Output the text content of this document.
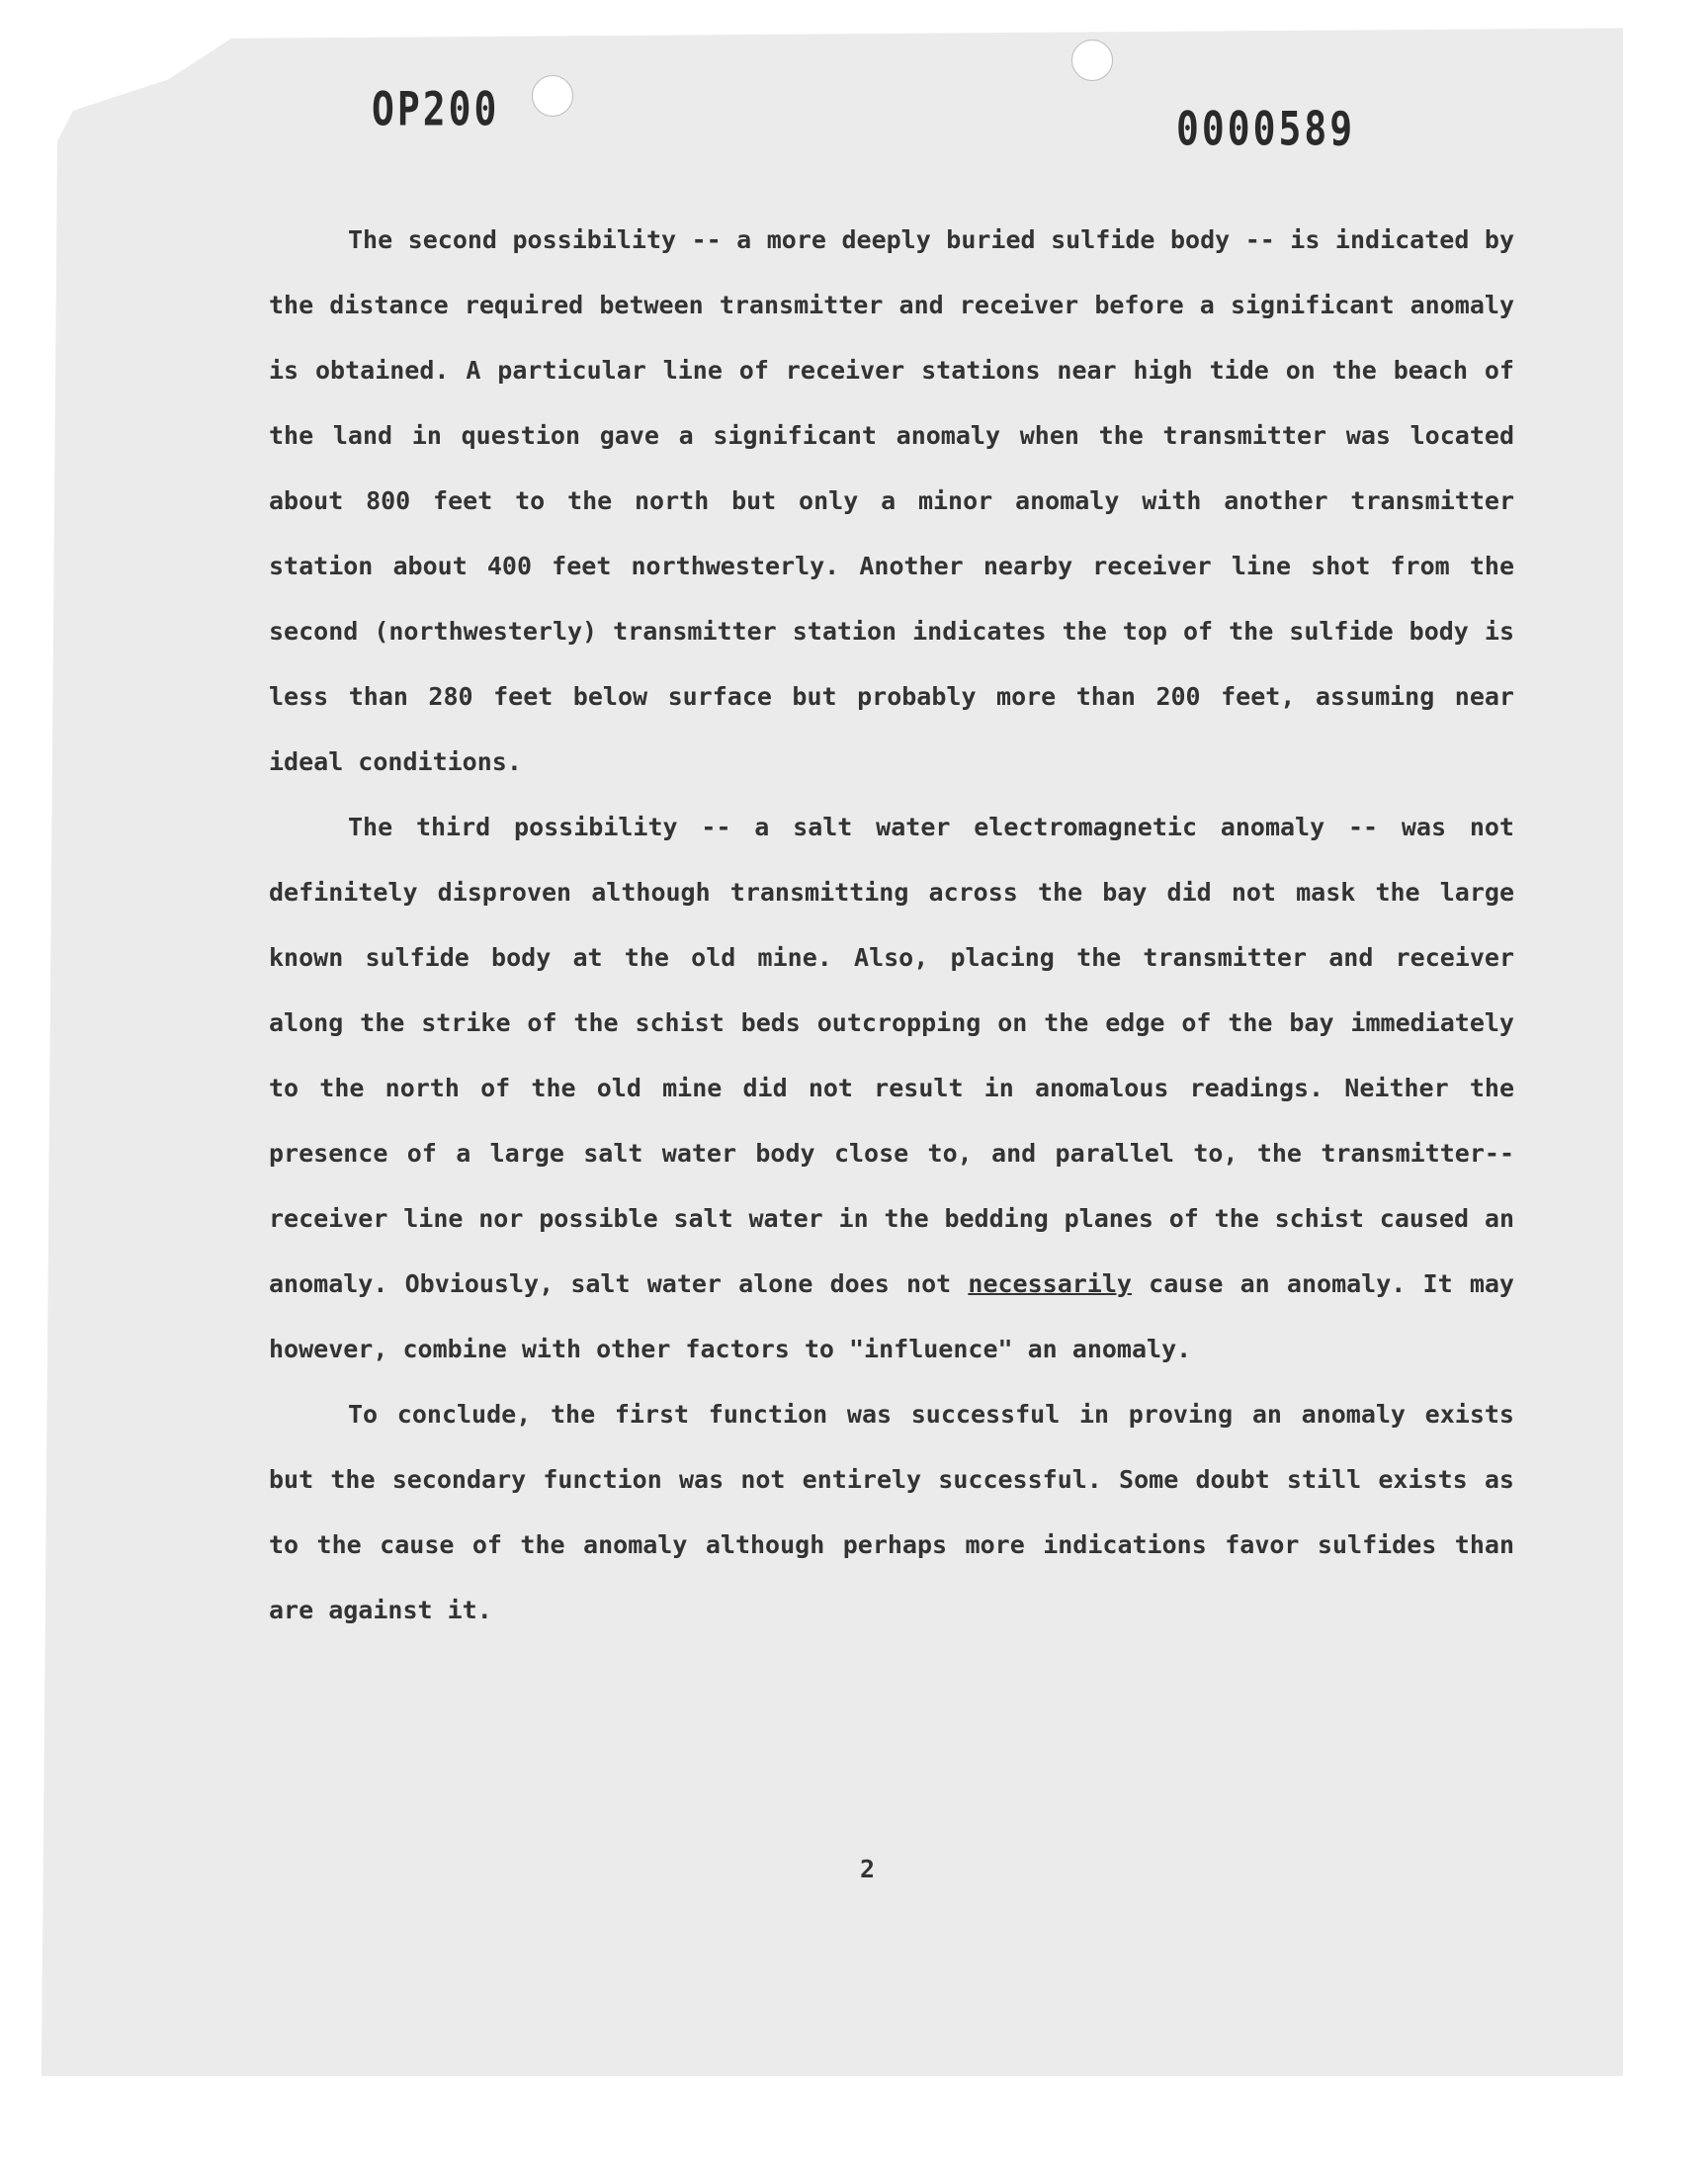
OP200	0000589

The second possibility -- a more deeply buried sulfide body -- is indicated by the distance required between transmitter and receiver before a significant anomaly is obtained. A particular line of receiver stations near high tide on the beach of the land in question gave a significant anomaly when the transmitter was located about 800 feet to the north but only a minor anomaly with another transmitter station about 400 feet northwesterly. Another nearby receiver line shot from the second (northwesterly) transmitter station indicates the top of the sulfide body is less than 280 feet below surface but probably more than 200 feet, assuming near ideal conditions.

The third possibility -- a salt water electromagnetic anomaly -- was not definitely disproven although transmitting across the bay did not mask the large known sulfide body at the old mine. Also, placing the transmitter and receiver along the strike of the schist beds outcropping on the edge of the bay immediately to the north of the old mine did not result in anomalous readings. Neither the presence of a large salt water body close to, and parallel to, the transmitter--receiver line nor possible salt water in the bedding planes of the schist caused an anomaly. Obviously, salt water alone does not necessarily cause an anomaly. It may however, combine with other factors to "influence" an anomaly.

To conclude, the first function was successful in proving an anomaly exists but the secondary function was not entirely successful. Some doubt still exists as to the cause of the anomaly although perhaps more indications favor sulfides than are against it.

2
